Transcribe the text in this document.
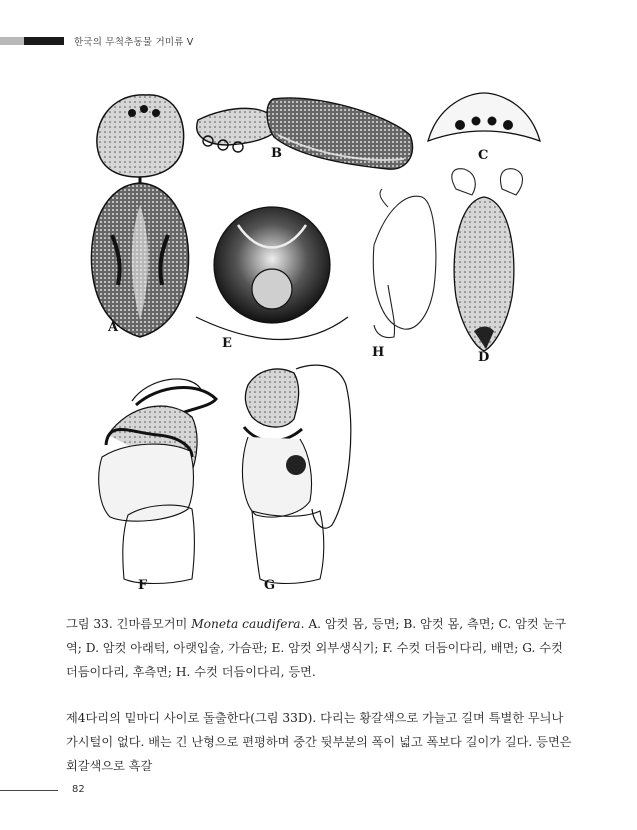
한국의 무척추동물 거미류 V
A
B	C
E
H	D
F	G
그림 33. 긴마름모거미 Moneta caudifera. A. 암컷 몸, 등면; B. 암컷 몸, 측면; C. 암컷 눈구역; D. 암컷 아래턱, 아랫입술, 가슴판; E. 암컷 외부생식기; F. 수컷 더듬이다리, 배면; G. 수컷 더듬이다리, 후측면; H. 수컷 더듬이다리, 등면.
제4다리의 밑마디 사이로 돌출한다(그림 33D). 다리는 황갈색으로 가늘고 길며 특별한 무늬나 가시털이 없다. 배는 긴 난형으로 편평하며 중간 뒷부분의 폭이 넓고 폭보다 길이가 길다. 등면은 회갈색으로 흑갈
82
